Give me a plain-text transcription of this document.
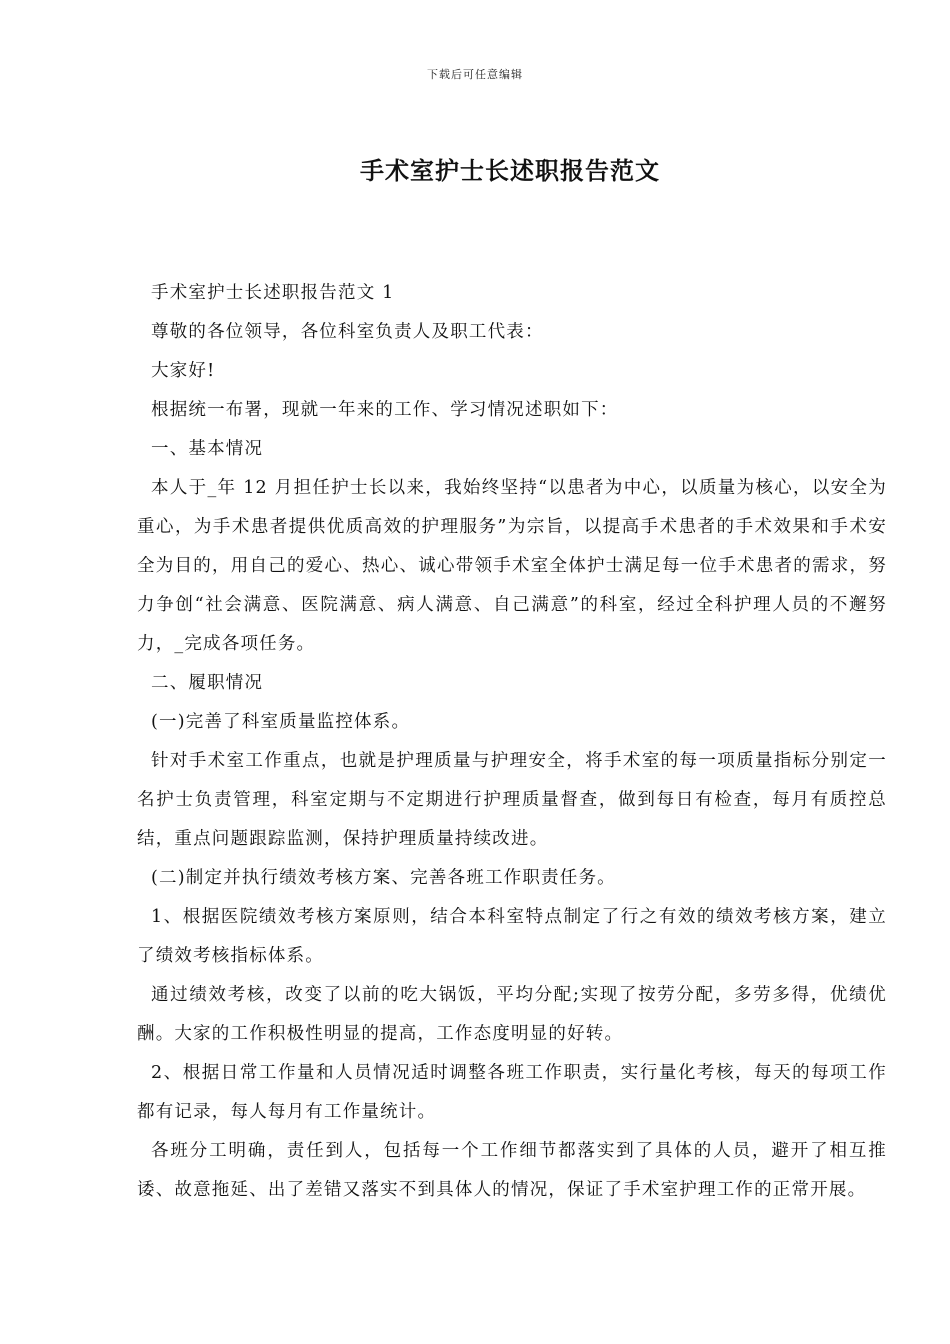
下载后可任意编辑
手术室护士长述职报告范文

手术室护士长述职报告范文 1

尊敬的各位领导，各位科室负责人及职工代表：

大家好!

根据统一布署，现就一年来的工作、学习情况述职如下：

一、基本情况

本人于_年 12 月担任护士长以来，我始终坚持“以患者为中心，以质量为核心，以安全为重心，为手术患者提供优质高效的护理服务”为宗旨，以提高手术患者的手术效果和手术安全为目的，用自己的爱心、热心、诚心带领手术室全体护士满足每一位手术患者的需求，努力争创“社会满意、医院满意、病人满意、自己满意”的科室，经过全科护理人员的不邂努力，_完成各项任务。

二、履职情况

(一)完善了科室质量监控体系。

针对手术室工作重点，也就是护理质量与护理安全，将手术室的每一项质量指标分别定一名护士负责管理，科室定期与不定期进行护理质量督查，做到每日有检查，每月有质控总结，重点问题跟踪监测，保持护理质量持续改进。

(二)制定并执行绩效考核方案、完善各班工作职责任务。

1、根据医院绩效考核方案原则，结合本科室特点制定了行之有效的绩效考核方案，建立了绩效考核指标体系。

通过绩效考核，改变了以前的吃大锅饭，平均分配;实现了按劳分配，多劳多得，优绩优酬。大家的工作积极性明显的提高，工作态度明显的好转。

2、根据日常工作量和人员情况适时调整各班工作职责，实行量化考核，每天的每项工作都有记录，每人每月有工作量统计。

各班分工明确，责任到人，包括每一个工作细节都落实到了具体的人员，避开了相互推诿、故意拖延、出了差错又落实不到具体人的情况，保证了手术室护理工作的正常开展。
